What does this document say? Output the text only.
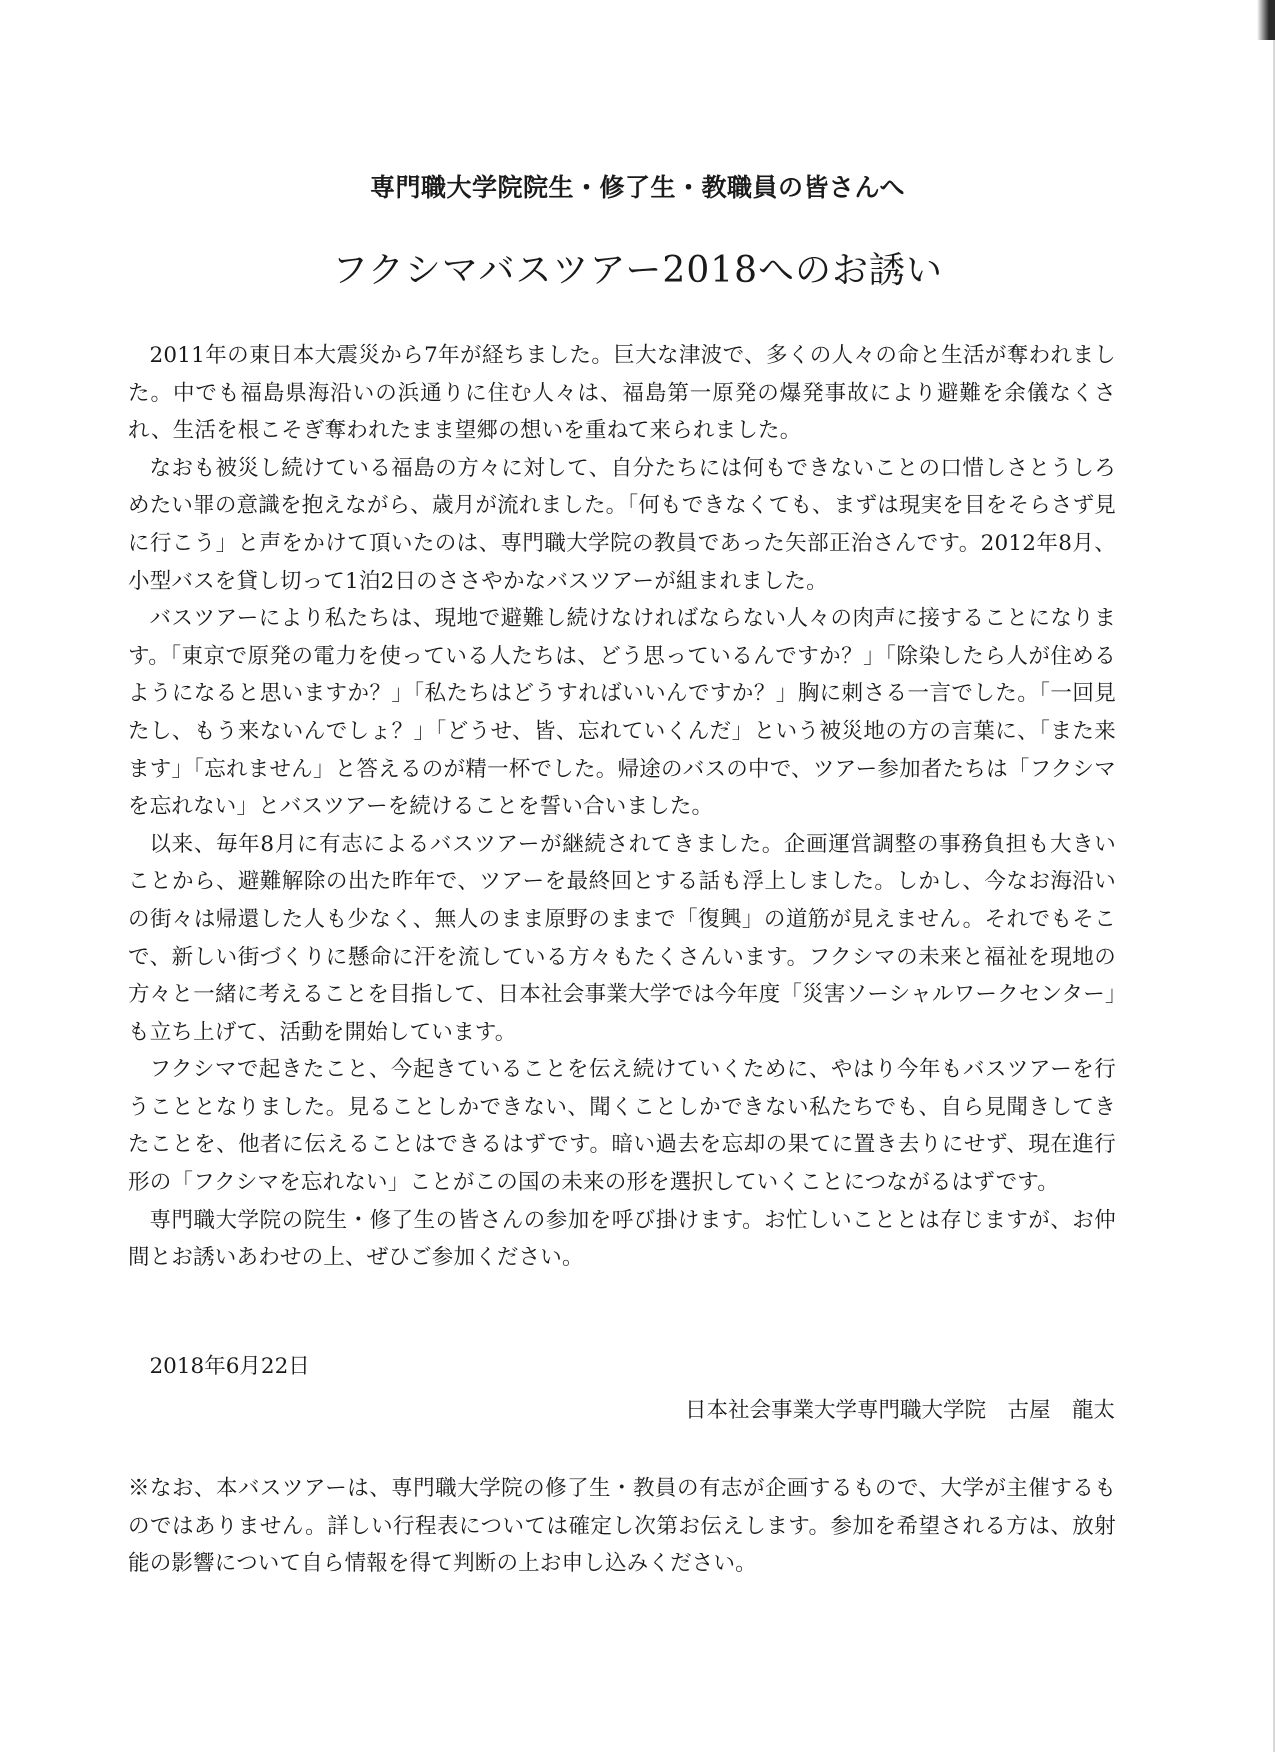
専門職大学院院生・修了生・教職員の皆さんへ
フクシマバスツアー2018へのお誘い

2011年の東日本大震災から7年が経ちました。巨大な津波で、多くの人々の命と生活が奪われました。中でも福島県海沿いの浜通りに住む人々は、福島第一原発の爆発事故により避難を余儀なくされ、生活を根こそぎ奪われたまま望郷の想いを重ねて来られました。

なおも被災し続けている福島の方々に対して、自分たちには何もできないことの口惜しさとうしろめたい罪の意識を抱えながら、歳月が流れました。「何もできなくても、まずは現実を目をそらさず見に行こう」と声をかけて頂いたのは、専門職大学院の教員であった矢部正治さんです。2012年8月、小型バスを貸し切って1泊2日のささやかなバスツアーが組まれました。

バスツアーにより私たちは、現地で避難し続けなければならない人々の肉声に接することになります。「東京で原発の電力を使っている人たちは、どう思っているんですか？」「除染したら人が住めるようになると思いますか？」「私たちはどうすればいいんですか？」胸に刺さる一言でした。「一回見たし、もう来ないんでしょ？」「どうせ、皆、忘れていくんだ」という被災地の方の言葉に、「また来ます」「忘れません」と答えるのが精一杯でした。帰途のバスの中で、ツアー参加者たちは「フクシマを忘れない」とバスツアーを続けることを誓い合いました。

以来、毎年8月に有志によるバスツアーが継続されてきました。企画運営調整の事務負担も大きいことから、避難解除の出た昨年で、ツアーを最終回とする話も浮上しました。しかし、今なお海沿いの街々は帰還した人も少なく、無人のまま原野のままで「復興」の道筋が見えません。それでもそこで、新しい街づくりに懸命に汗を流している方々もたくさんいます。フクシマの未来と福祉を現地の方々と一緒に考えることを目指して、日本社会事業大学では今年度「災害ソーシャルワークセンター」も立ち上げて、活動を開始しています。

フクシマで起きたこと、今起きていることを伝え続けていくために、やはり今年もバスツアーを行うこととなりました。見ることしかできない、聞くことしかできない私たちでも、自ら見聞きしてきたことを、他者に伝えることはできるはずです。暗い過去を忘却の果てに置き去りにせず、現在進行形の「フクシマを忘れない」ことがこの国の未来の形を選択していくことにつながるはずです。

専門職大学院の院生・修了生の皆さんの参加を呼び掛けます。お忙しいこととは存じますが、お仲間とお誘いあわせの上、ぜひご参加ください。

2018年6月22日
日本社会事業大学専門職大学院　古屋　龍太
※なお、本バスツアーは、専門職大学院の修了生・教員の有志が企画するもので、大学が主催するものではありません。詳しい行程表については確定し次第お伝えします。参加を希望される方は、放射能の影響について自ら情報を得て判断の上お申し込みください。
